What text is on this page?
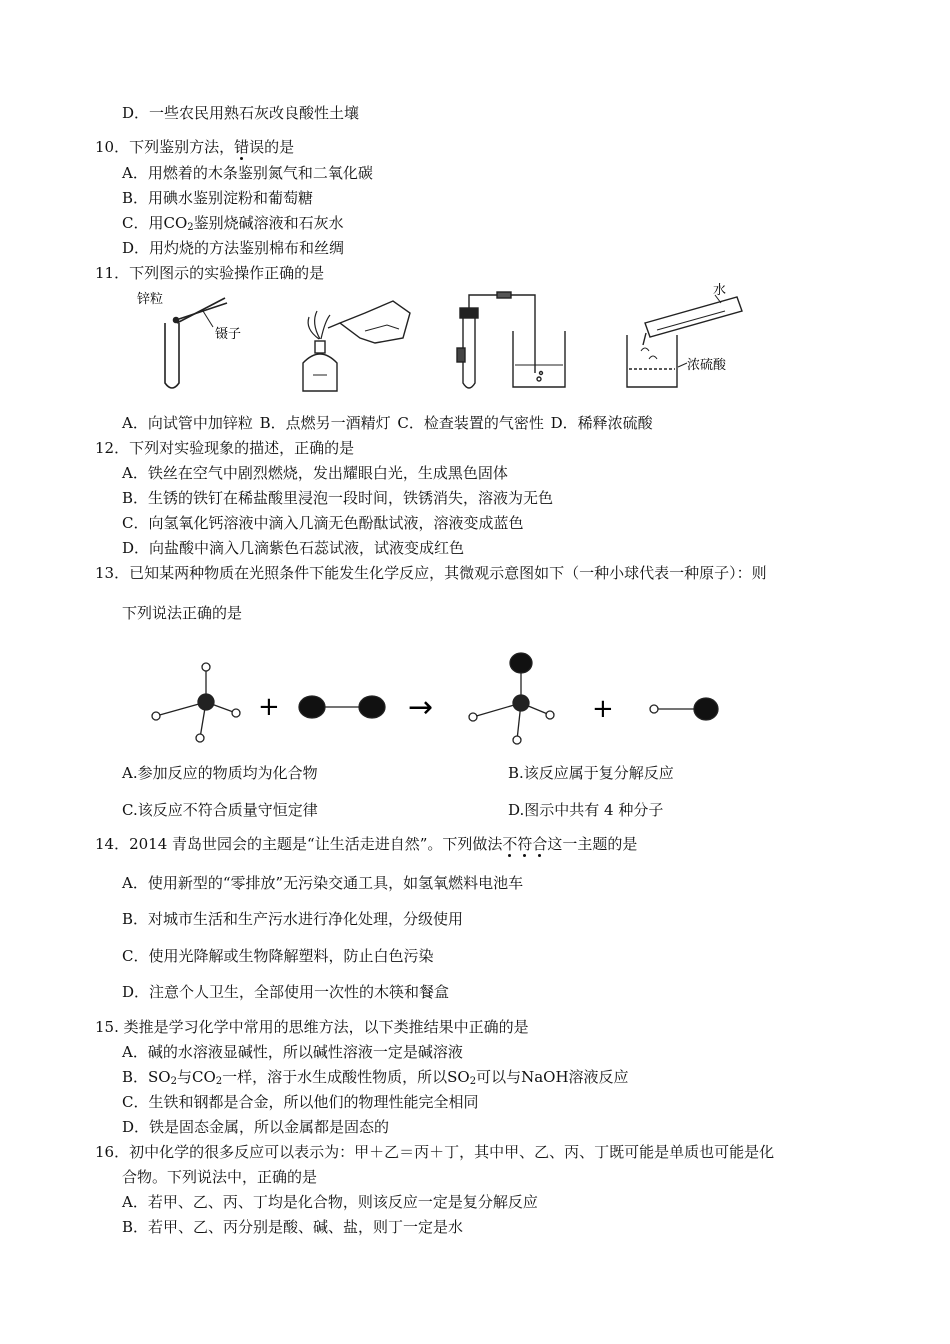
D．一些农民用熟石灰改良酸性土壤
10．下列鉴别方法，错误的是
A．用燃着的木条鉴别氮气和二氧化碳
B．用碘水鉴别淀粉和葡萄糖
C．用$CO_2$鉴别烧碱溶液和石灰水
D．用灼烧的方法鉴别棉布和丝绸
11．下列图示的实验操作正确的是
锌粒
镊子
水
浓硫酸
A．向试管中加锌粒 B．点燃另一酒精灯 C．检查装置的气密性 D．稀释浓硫酸
12．下列对实验现象的描述，正确的是
A．铁丝在空气中剧烈燃烧，发出耀眼白光，生成黑色固体
B．生锈的铁钉在稀盐酸里浸泡一段时间，铁锈消失，溶液为无色
C．向氢氧化钙溶液中滴入几滴无色酚酞试液，溶液变成蓝色
D．向盐酸中滴入几滴紫色石蕊试液，试液变成红色
13．已知某两种物质在光照条件下能发生化学反应，其微观示意图如下（一种小球代表一种原子）：则
下列说法正确的是
+	→	+
A.参加反应的物质均为化合物	B.该反应属于复分解反应
C.该反应不符合质量守恒定律	D.图示中共有 4 种分子
14．2014 青岛世园会的主题是“让生活走进自然”。下列做法不符合这一主题的是
A．使用新型的“零排放”无污染交通工具，如氢氧燃料电池车
B．对城市生活和生产污水进行净化处理，分级使用
C．使用光降解或生物降解塑料，防止白色污染
D．注意个人卫生，全部使用一次性的木筷和餐盒
15. 类推是学习化学中常用的思维方法，以下类推结果中正确的是
A．碱的水溶液显碱性，所以碱性溶液一定是碱溶液
B．$SO_2$与$CO_2$一样，溶于水生成酸性物质，所以$SO_2$可以与NaOH溶液反应
C．生铁和钢都是合金，所以他们的物理性能完全相同
D．铁是固态金属，所以金属都是固态的
16．初中化学的很多反应可以表示为：甲＋乙＝丙＋丁，其中甲、乙、丙、丁既可能是单质也可能是化
合物。下列说法中，正确的是
A．若甲、乙、丙、丁均是化合物，则该反应一定是复分解反应
B．若甲、乙、丙分别是酸、碱、盐，则丁一定是水
